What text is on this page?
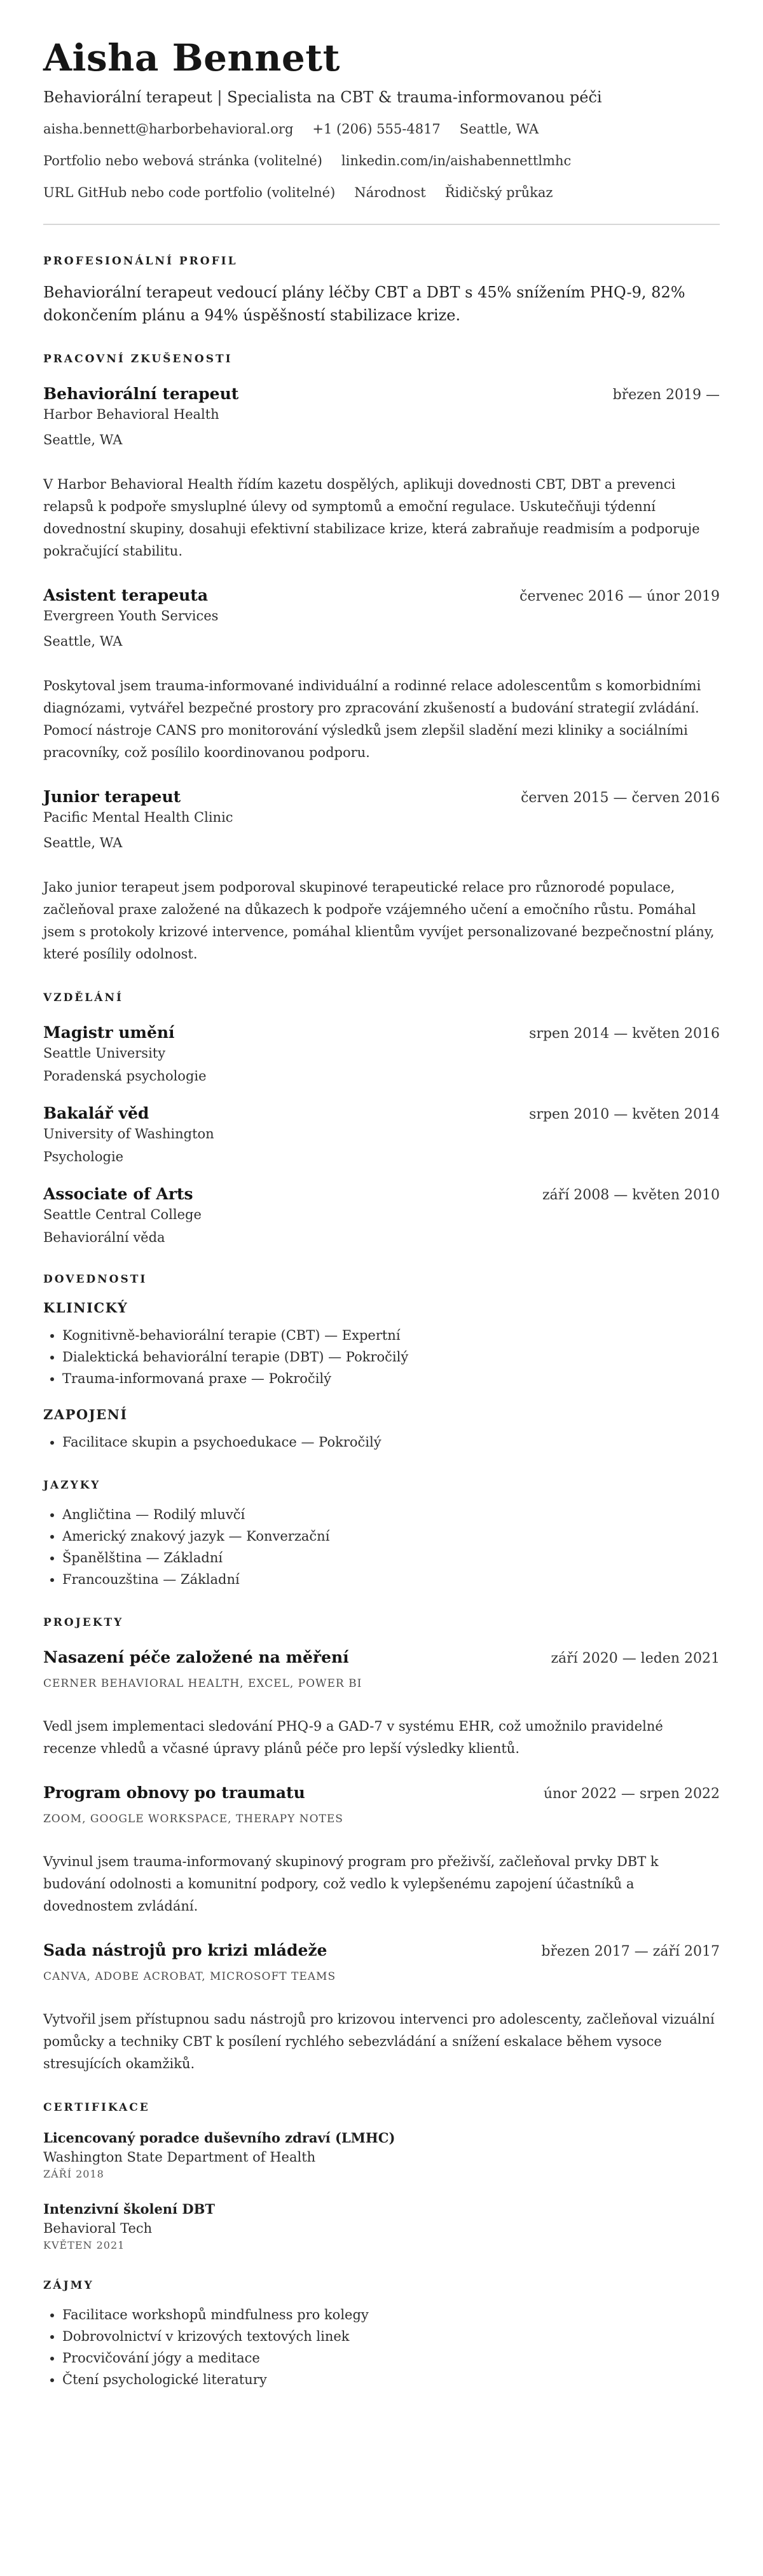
Aisha Bennett
Behaviorální terapeut | Specialista na CBT & trauma-informovanou péči
aisha.bennett@harborbehavioral.org +1 (206) 555-4817 Seattle, WA
Portfolio nebo webová stránka (volitelné) linkedin.com/in/aishabennettlmhc
URL GitHub nebo code portfolio (volitelné) Národnost Řidičský průkaz
PROFESIONÁLNÍ PROFIL
Behaviorální terapeut vedoucí plány léčby CBT a DBT s 45% snížením PHQ-9, 82% dokončením plánu a 94% úspěšností stabilizace krize.
PRACOVNÍ ZKUŠENOSTI
Behaviorální terapeut	březen 2019 —
Harbor Behavioral Health
Seattle, WA
V Harbor Behavioral Health řídím kazetu dospělých, aplikuji dovednosti CBT, DBT a prevenci relapsů k podpoře smysluplné úlevy od symptomů a emoční regulace. Uskutečňuji týdenní dovednostní skupiny, dosahuji efektivní stabilizace krize, která zabraňuje readmisím a podporuje pokračující stabilitu.
Asistent terapeuta	červenec 2016 — únor 2019
Evergreen Youth Services
Seattle, WA
Poskytoval jsem trauma-informované individuální a rodinné relace adolescentům s komorbidními diagnózami, vytvářel bezpečné prostory pro zpracování zkušeností a budování strategií zvládání. Pomocí nástroje CANS pro monitorování výsledků jsem zlepšil sladění mezi kliniky a sociálními pracovníky, což posílilo koordinovanou podporu.
Junior terapeut	červen 2015 — červen 2016
Pacific Mental Health Clinic
Seattle, WA
Jako junior terapeut jsem podporoval skupinové terapeutické relace pro různorodé populace, začleňoval praxe založené na důkazech k podpoře vzájemného učení a emočního růstu. Pomáhal jsem s protokoly krizové intervence, pomáhal klientům vyvíjet personalizované bezpečnostní plány, které posílily odolnost.
VZDĚLÁNÍ
Magistr umění	srpen 2014 — květen 2016
Seattle University
Poradenská psychologie
Bakalář věd	srpen 2010 — květen 2014
University of Washington
Psychologie
Associate of Arts	září 2008 — květen 2010
Seattle Central College
Behaviorální věda
DOVEDNOSTI
KLINICKÝ
• Kognitivně-behaviorální terapie (CBT) — Expertní
• Dialektická behaviorální terapie (DBT) — Pokročilý
• Trauma-informovaná praxe — Pokročilý
ZAPOJENÍ
• Facilitace skupin a psychoedukace — Pokročilý
JAZYKY
• Angličtina — Rodilý mluvčí
• Americký znakový jazyk — Konverzační
• Španělština — Základní
• Francouzština — Základní
PROJEKTY
Nasazení péče založené na měření	září 2020 — leden 2021
CERNER BEHAVIORAL HEALTH, EXCEL, POWER BI
Vedl jsem implementaci sledování PHQ-9 a GAD-7 v systému EHR, což umožnilo pravidelné recenze vhledů a včasné úpravy plánů péče pro lepší výsledky klientů.
Program obnovy po traumatu	únor 2022 — srpen 2022
ZOOM, GOOGLE WORKSPACE, THERAPY NOTES
Vyvinul jsem trauma-informovaný skupinový program pro přeživší, začleňoval prvky DBT k budování odolnosti a komunitní podpory, což vedlo k vylepšenému zapojení účastníků a dovednostem zvládání.
Sada nástrojů pro krizi mládeže	březen 2017 — září 2017
CANVA, ADOBE ACROBAT, MICROSOFT TEAMS
Vytvořil jsem přístupnou sadu nástrojů pro krizovou intervenci pro adolescenty, začleňoval vizuální pomůcky a techniky CBT k posílení rychlého sebezvládání a snížení eskalace během vysoce stresujících okamžiků.
CERTIFIKACE
Licencovaný poradce duševního zdraví (LMHC)
Washington State Department of Health
ZÁŘÍ 2018
Intenzivní školení DBT
Behavioral Tech
KVĚTEN 2021
ZÁJMY
• Facilitace workshopů mindfulness pro kolegy
• Dobrovolnictví v krizových textových linek
• Procvičování jógy a meditace
• Čtení psychologické literatury
